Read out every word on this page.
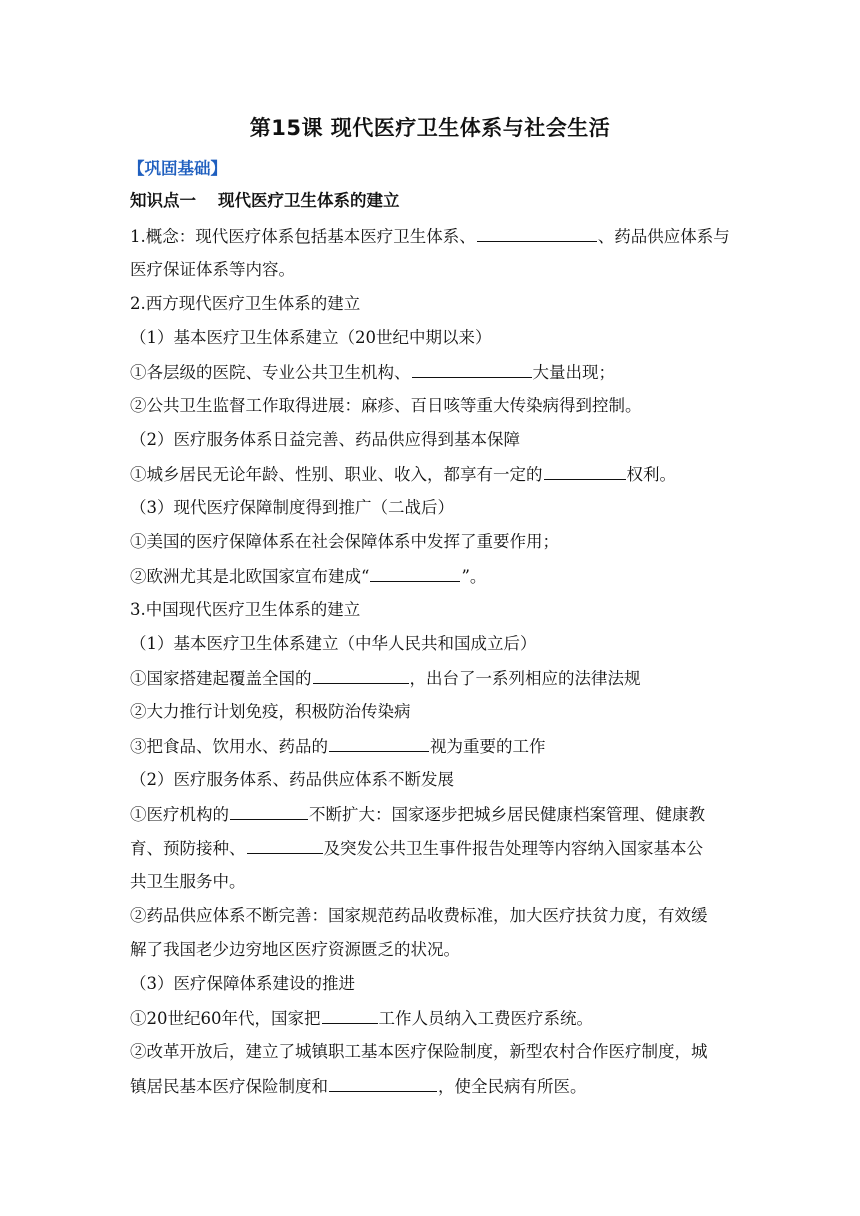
第15课 现代医疗卫生体系与社会生活
【巩固基础】
知识点一 现代医疗卫生体系的建立
1.概念：现代医疗体系包括基本医疗卫生体系、	、药品供应体系与
医疗保证体系等内容。
2.西方现代医疗卫生体系的建立
（1）基本医疗卫生体系建立（20世纪中期以来）
①各层级的医院、专业公共卫生机构、	大量出现；
②公共卫生监督工作取得进展：麻疹、百日咳等重大传染病得到控制。
（2）医疗服务体系日益完善、药品供应得到基本保障
①城乡居民无论年龄、性别、职业、收入，都享有一定的	权利。
（3）现代医疗保障制度得到推广（二战后）
①美国的医疗保障体系在社会保障体系中发挥了重要作用；
②欧洲尤其是北欧国家宣布建成“	”。
3.中国现代医疗卫生体系的建立
（1）基本医疗卫生体系建立（中华人民共和国成立后）
①国家搭建起覆盖全国的	，出台了一系列相应的法律法规
②大力推行计划免疫，积极防治传染病
③把食品、饮用水、药品的	视为重要的工作
（2）医疗服务体系、药品供应体系不断发展
①医疗机构的	不断扩大：国家逐步把城乡居民健康档案管理、健康教
育、预防接种、	及突发公共卫生事件报告处理等内容纳入国家基本公
共卫生服务中。
②药品供应体系不断完善：国家规范药品收费标准，加大医疗扶贫力度，有效缓
解了我国老少边穷地区医疗资源匮乏的状况。
（3）医疗保障体系建设的推进
①20世纪60年代，国家把	工作人员纳入工费医疗系统。
②改革开放后，建立了城镇职工基本医疗保险制度，新型农村合作医疗制度，城
镇居民基本医疗保险制度和	，使全民病有所医。
